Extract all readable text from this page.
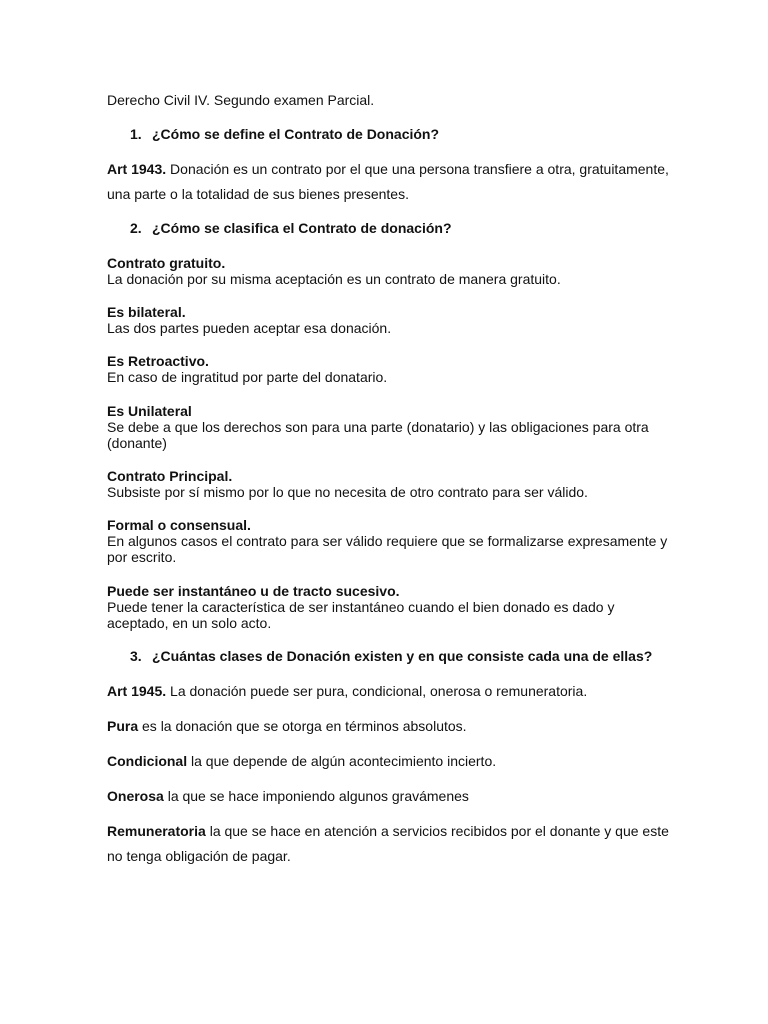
Derecho Civil IV. Segundo examen Parcial.
1. ¿Cómo se define el Contrato de Donación?
Art 1943. Donación es un contrato por el que una persona transfiere a otra, gratuitamente,
una parte o la totalidad de sus bienes presentes.
2. ¿Cómo se clasifica el Contrato de donación?
Contrato gratuito.
La donación por su misma aceptación es un contrato de manera gratuito.
Es bilateral.
Las dos partes pueden aceptar esa donación.
Es Retroactivo.
En caso de ingratitud por parte del donatario.
Es Unilateral
Se debe a que los derechos son para una parte (donatario) y las obligaciones para otra
(donante)
Contrato Principal.
Subsiste por sí mismo por lo que no necesita de otro contrato para ser válido.
Formal o consensual.
En algunos casos el contrato para ser válido requiere que se formalizarse expresamente y
por escrito.
Puede ser instantáneo u de tracto sucesivo.
Puede tener la característica de ser instantáneo cuando el bien donado es dado y
aceptado, en un solo acto.
3. ¿Cuántas clases de Donación existen y en que consiste cada una de ellas?
Art 1945. La donación puede ser pura, condicional, onerosa o remuneratoria.
Pura es la donación que se otorga en términos absolutos.
Condicional la que depende de algún acontecimiento incierto.
Onerosa la que se hace imponiendo algunos gravámenes
Remuneratoria la que se hace en atención a servicios recibidos por el donante y que este
no tenga obligación de pagar.
